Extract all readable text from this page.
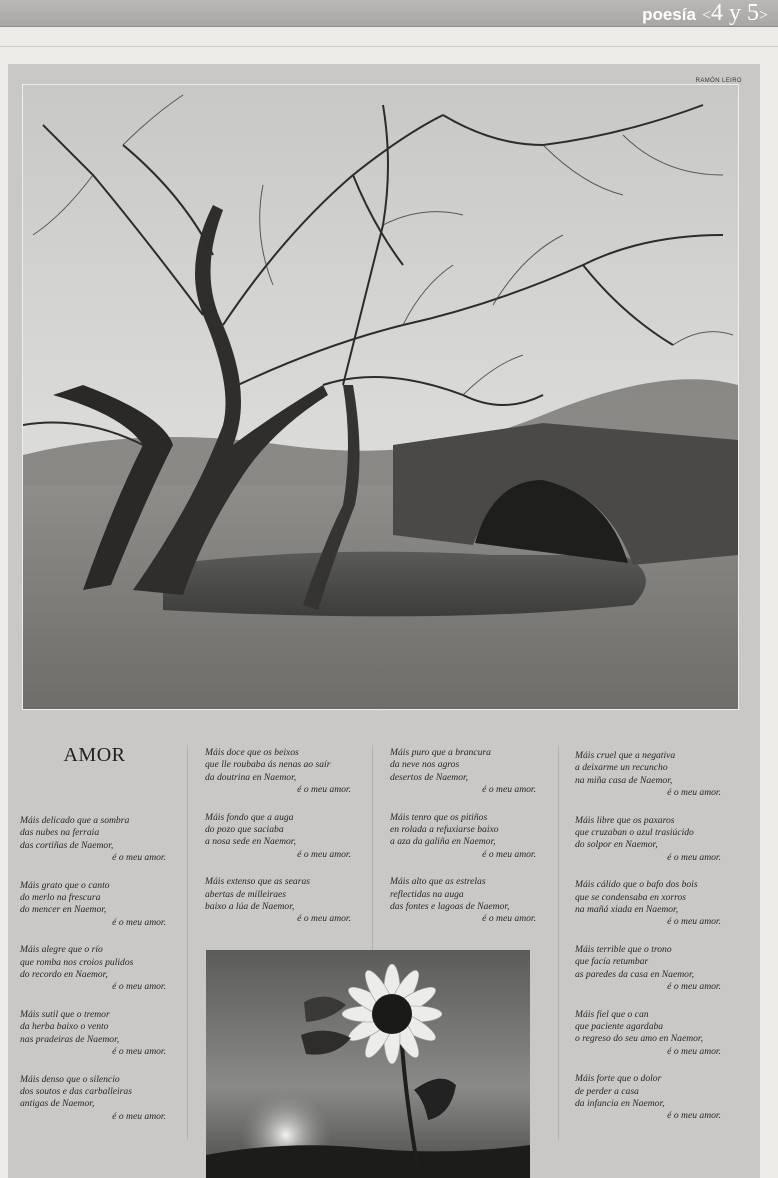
poesía <4 y 5>
RAMÓN LEIRO
AMOR
Máis delicado que a sombra
das nubes na ferraia
das cortiñas de Naemor,
é o meu amor.
Máis grato que o canto
do merlo na frescura
do mencer en Naemor,
é o meu amor.
Máis alegre que o río
que romba nos croios pulidos
do recordo en Naemor,
é o meu amor.
Máis sutil que o tremor
da herba baixo o vento
nas pradeiras de Naemor,
é o meu amor.
Máis denso que o silencio
dos soutos e das carballeiras
antigas de Naemor,
é o meu amor.
Máis doce que os beixos
que lle roubaba ás nenas ao saír
da doutrina en Naemor,
é o meu amor.
Máis fondo que a auga
do pozo que saciaba
a nosa sede en Naemor,
é o meu amor.
Máis extenso que as searas
abertas de milleiraes
baixo a lúa de Naemor,
é o meu amor.
Máis puro que a brancura
da neve nos agros
desertos de Naemor,
é o meu amor.
Máis tenro que os pitiños
en rolada a refuxiarse baixo
a aza da galiña en Naemor,
é o meu amor.
Máis alto que as estrelas
reflectidas na auga
das fontes e lagoas de Naemor,
é o meu amor.
Máis cruel que a negativa
a deixarme un recuncho
na miña casa de Naemor,
é o meu amor.
Máis libre que os paxaros
que cruzaban o azul trasiúcido
do solpor en Naemor,
é o meu amor.
Máis cálido que o bafo dos bois
que se condensaba en xorros
na mañá xiada en Naemor,
é o meu amor.
Máis terrible que o trono
que facía retumbar
as paredes da casa en Naemor,
é o meu amor.
Máis fiel que o can
que paciente agardaba
o regreso do seu amo en Naemor,
é o meu amor.
Máis forte que o dolor
de perder a casa
da infancia en Naemor,
é o meu amor.
